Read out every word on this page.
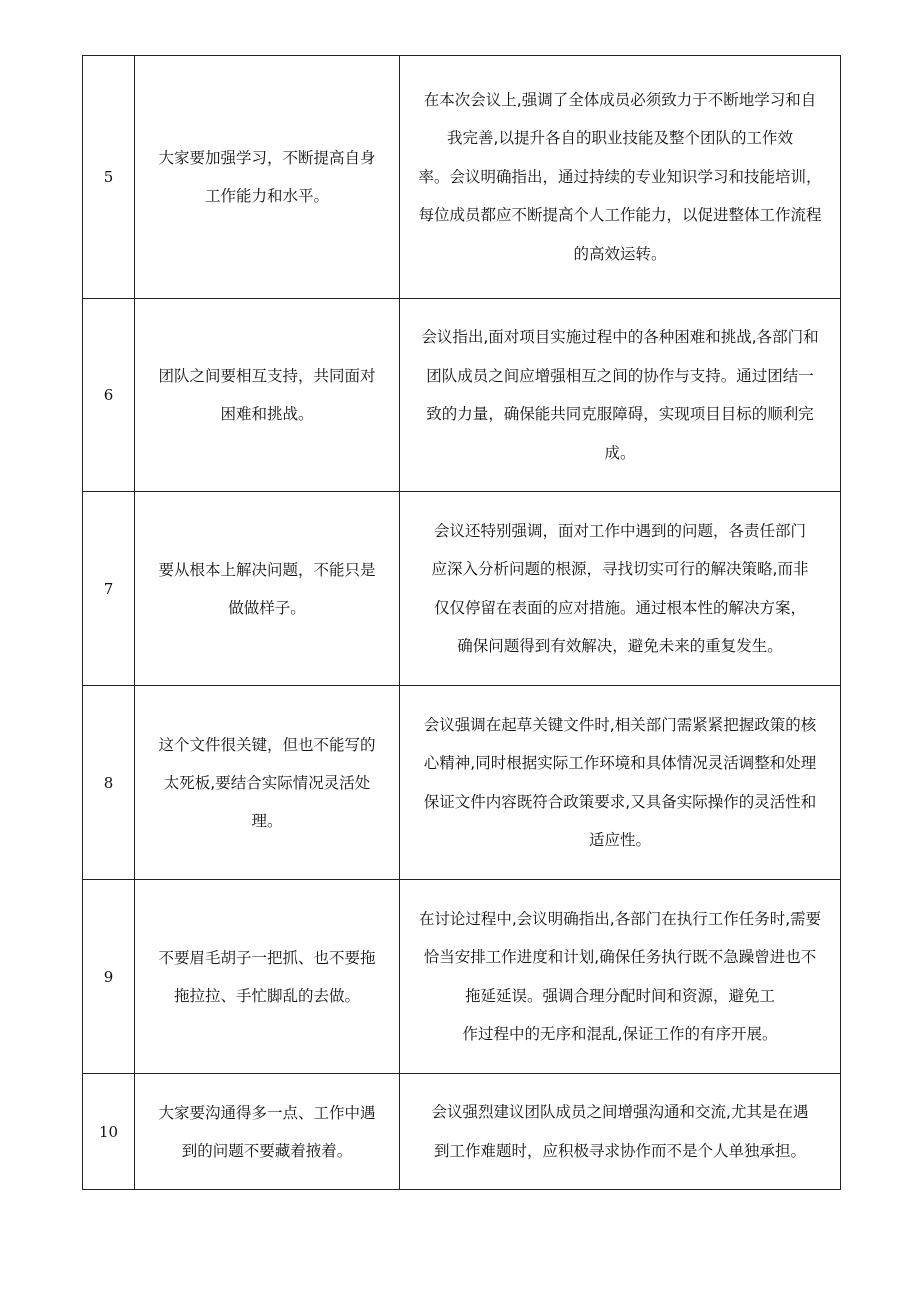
5	大家要加强学习，不断提高自身
工作能力和水平。	在本次会议上,强调了全体成员必须致力于不断地学习和自
我完善,以提升各自的职业技能及整个团队的工作效
率。会议明确指出，通过持续的专业知识学习和技能培训，
每位成员都应不断提高个人工作能力，以促进整体工作流程
的高效运转。

6	团队之间要相互支持，共同面对
困难和挑战。	会议指出,面对项目实施过程中的各种困难和挑战,各部门和
团队成员之间应增强相互之间的协作与支持。通过团结一
致的力量，确保能共同克服障碍，实现项目目标的顺利完
成。

7	要从根本上解决问题，不能只是
做做样子。	会议还特别强调，面对工作中遇到的问题，各责任部门
应深入分析问题的根源，寻找切实可行的解决策略,而非
仅仅停留在表面的应对措施。通过根本性的解决方案，
确保问题得到有效解决，避免未来的重复发生。

8	这个文件很关键，但也不能写的
太死板,要结合实际情况灵活处
理。	会议强调在起草关键文件时,相关部门需紧紧把握政策的核
心精神,同时根据实际工作环境和具体情况灵活调整和处理
保证文件内容既符合政策要求,又具备实际操作的灵活性和
适应性。

9	不要眉毛胡子一把抓、也不要拖
拖拉拉、手忙脚乱的去做。	在讨论过程中,会议明确指出,各部门在执行工作任务时,需要
恰当安排工作进度和计划,确保任务执行既不急躁曾进也不
拖延延误。强调合理分配时间和资源，避免工
作过程中的无序和混乱,保证工作的有序开展。

10	大家要沟通得多一点、工作中遇
到的问题不要藏着掖着。	会议强烈建议团队成员之间增强沟通和交流,尤其是在遇
到工作难题时，应积极寻求协作而不是个人单独承担。
